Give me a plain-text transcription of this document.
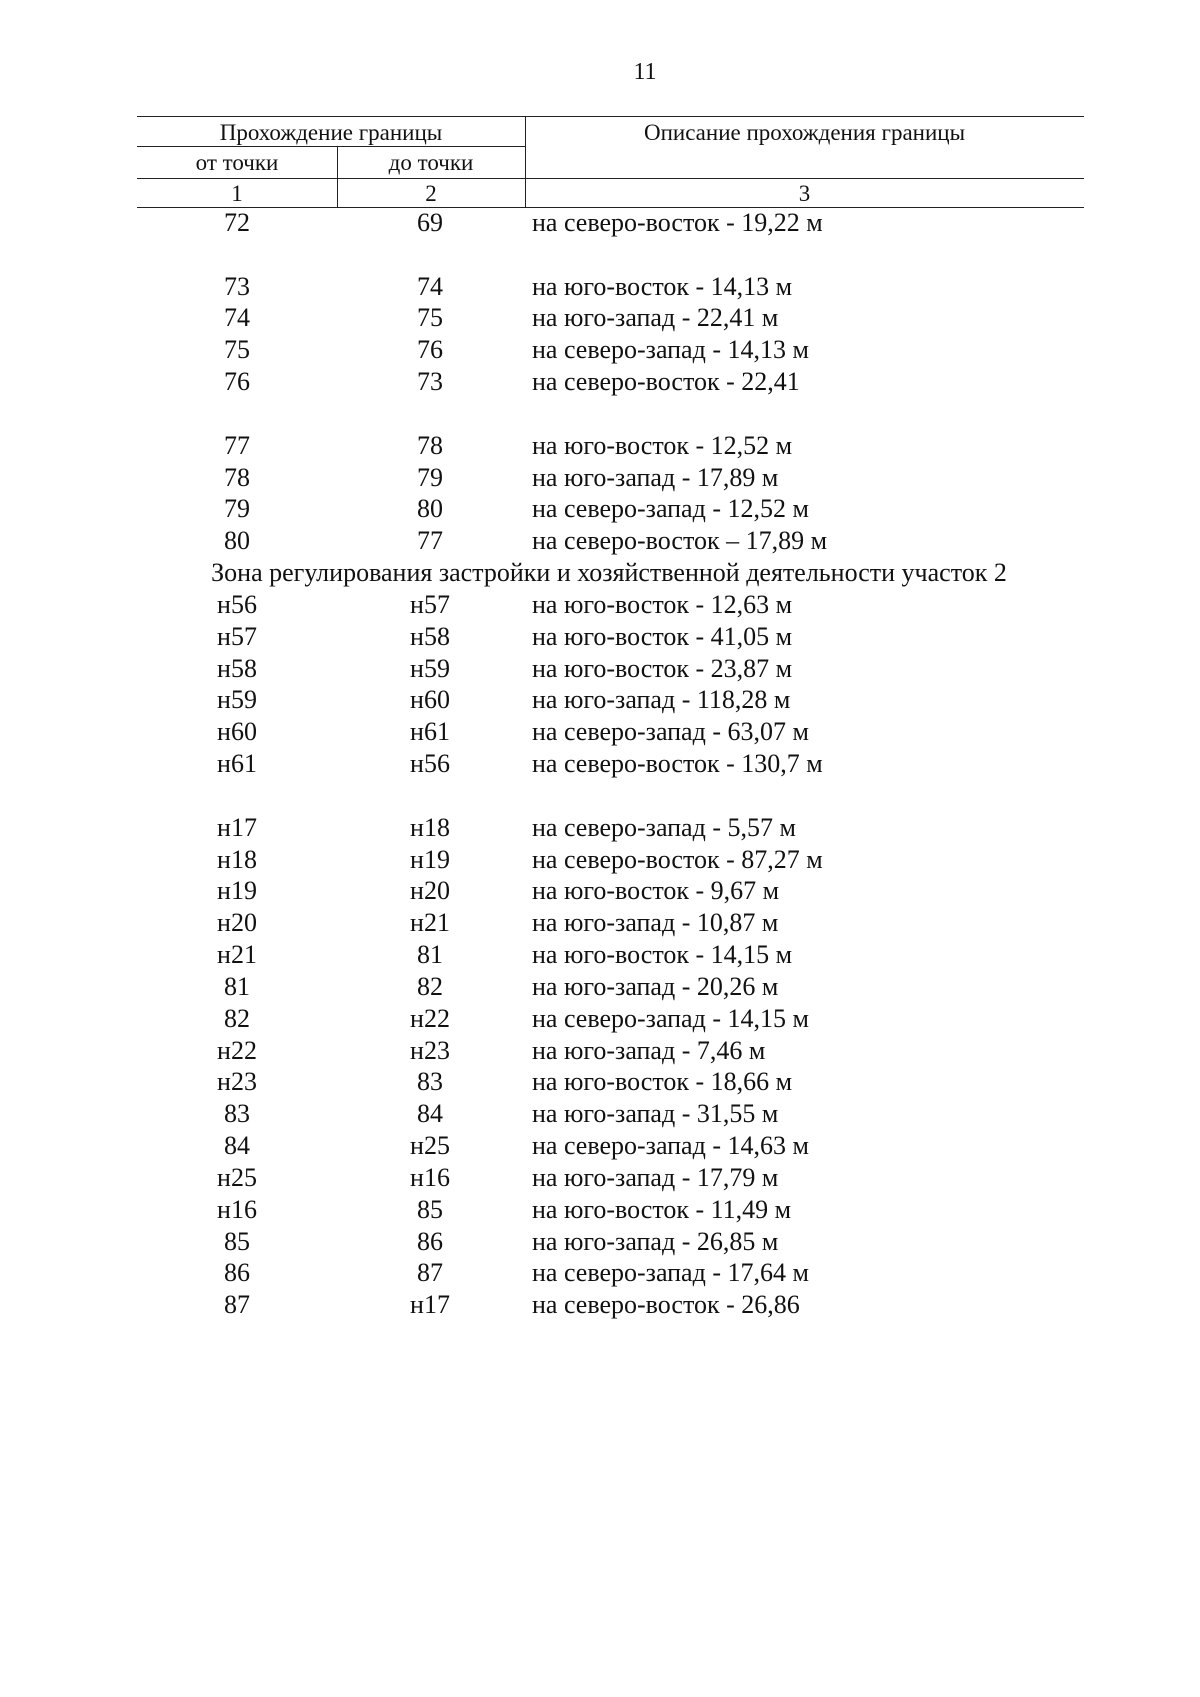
11
Прохождение границы	Описание прохождения границы
от точки	до точки
1	2	3
72	69	на северо-восток - 19,22 м
73	74	на юго-восток - 14,13 м
74	75	на юго-запад - 22,41 м
75	76	на северо-запад - 14,13 м
76	73	на северо-восток - 22,41
77	78	на юго-восток - 12,52 м
78	79	на юго-запад - 17,89 м
79	80	на северо-запад - 12,52 м
80	77	на северо-восток – 17,89 м
Зона регулирования застройки и хозяйственной деятельности участок 2
н56	н57	на юго-восток - 12,63 м
н57	н58	на юго-восток - 41,05 м
н58	н59	на юго-восток - 23,87 м
н59	н60	на юго-запад - 118,28 м
н60	н61	на северо-запад - 63,07 м
н61	н56	на северо-восток - 130,7 м
н17	н18	на северо-запад - 5,57 м
н18	н19	на северо-восток - 87,27 м
н19	н20	на юго-восток - 9,67 м
н20	н21	на юго-запад - 10,87 м
н21	81	на юго-восток - 14,15 м
81	82	на юго-запад - 20,26 м
82	н22	на северо-запад - 14,15 м
н22	н23	на юго-запад - 7,46 м
н23	83	на юго-восток - 18,66 м
83	84	на юго-запад - 31,55 м
84	н25	на северо-запад - 14,63 м
н25	н16	на юго-запад - 17,79 м
н16	85	на юго-восток - 11,49 м
85	86	на юго-запад - 26,85 м
86	87	на северо-запад - 17,64 м
87	н17	на северо-восток - 26,86
